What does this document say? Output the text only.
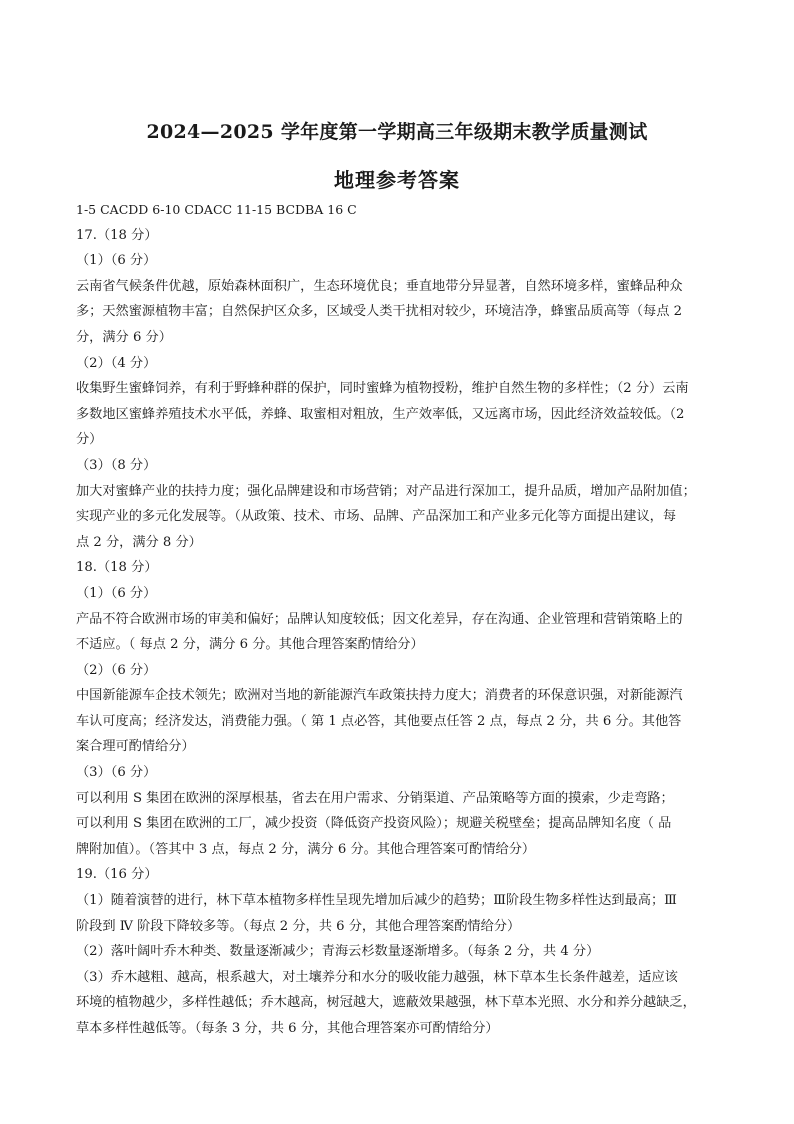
2024—2025 学年度第一学期高三年级期末教学质量测试
地理参考答案
1-5 CACDD 6-10 CDACC 11-15 BCDBA 16 C
17.（18 分）
（1）（6 分）
云南省气候条件优越，原始森林面积广，生态环境优良；垂直地带分异显著，自然环境多样，蜜蜂品种众
多；天然蜜源植物丰富；自然保护区众多，区域受人类干扰相对较少，环境洁净，蜂蜜品质高等（每点 2
分，满分 6 分）
（2）（4 分）
收集野生蜜蜂饲养，有利于野蜂种群的保护，同时蜜蜂为植物授粉，维护自然生物的多样性；（2 分）云南
多数地区蜜蜂养殖技术水平低，养蜂、取蜜相对粗放，生产效率低，又远离市场，因此经济效益较低。（2
分）
（3）（8 分）
加大对蜜蜂产业的扶持力度；强化品牌建设和市场营销；对产品进行深加工，提升品质，增加产品附加值；
实现产业的多元化发展等。（从政策、技术、市场、品牌、产品深加工和产业多元化等方面提出建议，每
点 2 分，满分 8 分）
18.（18 分）
（1）（6 分）
产品不符合欧洲市场的审美和偏好；品牌认知度较低；因文化差异，存在沟通、企业管理和营销策略上的
不适应。（ 每点 2 分，满分 6 分。其他合理答案酌情给分）
（2）（6 分）
中国新能源车企技术领先；欧洲对当地的新能源汽车政策扶持力度大；消费者的环保意识强，对新能源汽
车认可度高；经济发达，消费能力强。（ 第 1 点必答，其他要点任答 2 点，每点 2 分，共 6 分。其他答
案合理可酌情给分）
（3）（6 分）
可以利用 S 集团在欧洲的深厚根基，省去在用户需求、分销渠道、产品策略等方面的摸索，少走弯路；
可以利用 S 集团在欧洲的工厂，减少投资（降低资产投资风险）；规避关税壁垒；提高品牌知名度（ 品
牌附加值）。（答其中 3 点，每点 2 分，满分 6 分。其他合理答案可酌情给分）
19.（16 分）
（1）随着演替的进行，林下草本植物多样性呈现先增加后减少的趋势；Ⅲ阶段生物多样性达到最高；Ⅲ
阶段到 Ⅳ 阶段下降较多等。（每点 2 分，共 6 分，其他合理答案酌情给分）
（2）落叶阔叶乔木种类、数量逐渐减少；青海云杉数量逐渐增多。（每条 2 分，共 4 分）
（3）乔木越粗、越高，根系越大，对土壤养分和水分的吸收能力越强，林下草本生长条件越差，适应该
环境的植物越少，多样性越低；乔木越高，树冠越大，遮蔽效果越强，林下草本光照、水分和养分越缺乏，
草本多样性越低等。（每条 3 分，共 6 分，其他合理答案亦可酌情给分）
